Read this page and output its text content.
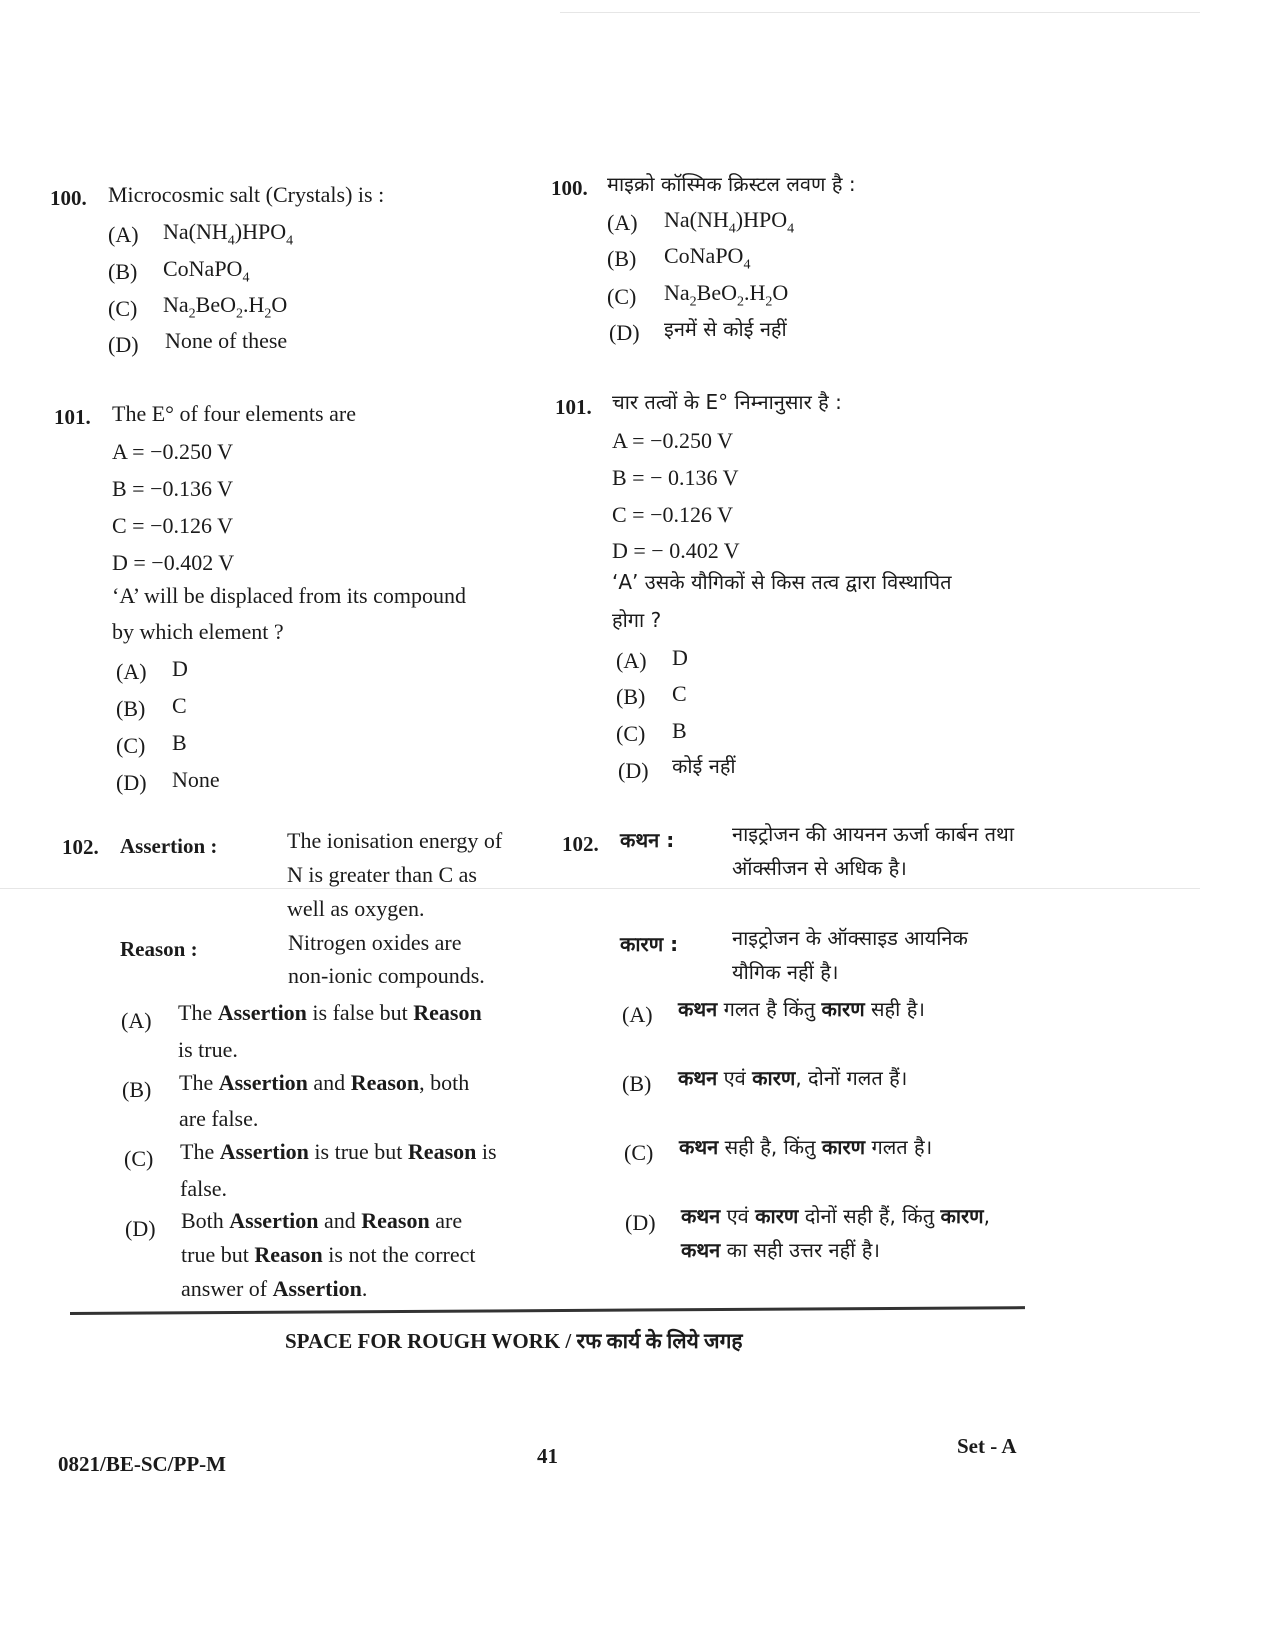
100. Microcosmic salt (Crystals) is :
(A) $Na(NH_4)HPO_4$
(B) CoNaPO$_4$
(C) $Na_2BeO_2.H_2O$
(D) None of these
100. माइक्रो कॉस्मिक क्रिस्टल लवण है :
(A) $Na(NH_4)HPO_4$
(B) CoNaPO$_4$
(C) $Na_2BeO_2.H_2O$
(D) इनमें से कोई नहीं
101. The E° of four elements are
A = −0.250 V
B = −0.136 V
C = −0.126 V
D = −0.402 V
‘A’ will be displaced from its compound
by which element ?
(A) D
(B) C
(C) B
(D) None
101. चार तत्वों के E° निम्नानुसार है :
A = −0.250 V
B = − 0.136 V
C = −0.126 V
D = − 0.402 V
‘A’ उसके यौगिकों से किस तत्व द्वारा विस्थापित
होगा ?
(A) D
(B) C
(C) B
(D) कोई नहीं
102. Assertion :	The ionisation energy of
N is greater than C as
well as oxygen.
Reason :	Nitrogen oxides are
non-ionic compounds.
(A) The Assertion is false but Reason
is true.
(B) The Assertion and Reason, both
are false.
(C) The Assertion is true but Reason is
false.
(D) Both Assertion and Reason are
true but Reason is not the correct
answer of Assertion.
102. कथन :	नाइट्रोजन की आयनन ऊर्जा कार्बन तथा
ऑक्सीजन से अधिक है।
कारण :	नाइट्रोजन के ऑक्साइड आयनिक
यौगिक नहीं है।
(A) कथन गलत है किंतु कारण सही है।
(B) कथन एवं कारण, दोनों गलत हैं।
(C) कथन सही है, किंतु कारण गलत है।
(D) कथन एवं कारण दोनों सही हैं, किंतु कारण,
कथन का सही उत्तर नहीं है।
SPACE FOR ROUGH WORK / रफ कार्य के लिये जगह
0821/BE-SC/PP-M	41	Set - A
